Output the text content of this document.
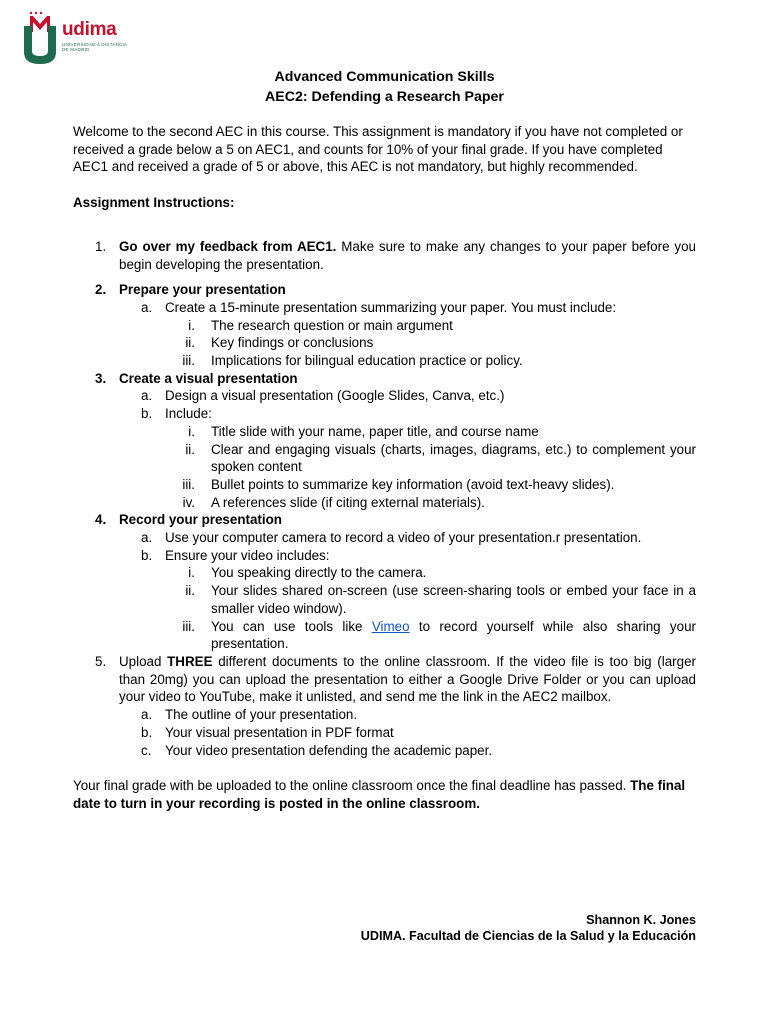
udima
UNIVERSIDAD A DISTANCIA
DE MADRID
Advanced Communication Skills
AEC2: Defending a Research Paper

Welcome to the second AEC in this course. This assignment is mandatory if you have not completed or received a grade below a 5 on AEC1, and counts for 10% of your final grade. If you have completed AEC1 and received a grade of 5 or above, this AEC is not mandatory, but highly recommended.

Assignment Instructions:

1. Go over my feedback from AEC1. Make sure to make any changes to your paper before you begin developing the presentation.
2. Prepare your presentation
a. Create a 15-minute presentation summarizing your paper. You must include:
i. The research question or main argument
ii. Key findings or conclusions
iii. Implications for bilingual education practice or policy.
3. Create a visual presentation
a. Design a visual presentation (Google Slides, Canva, etc.)
b. Include:
i. Title slide with your name, paper title, and course name
ii. Clear and engaging visuals (charts, images, diagrams, etc.) to complement your spoken content
iii. Bullet points to summarize key information (avoid text-heavy slides).
iv. A references slide (if citing external materials).
4. Record your presentation
a. Use your computer camera to record a video of your presentation.r presentation.
b. Ensure your video includes:
i. You speaking directly to the camera.
ii. Your slides shared on-screen (use screen-sharing tools or embed your face in a smaller video window).
iii. You can use tools like Vimeo to record yourself while also sharing your presentation.
5. Upload THREE different documents to the online classroom. If the video file is too big (larger than 20mg) you can upload the presentation to either a Google Drive Folder or you can upload your video to YouTube, make it unlisted, and send me the link in the AEC2 mailbox.
a. The outline of your presentation.
b. Your visual presentation in PDF format
c. Your video presentation defending the academic paper.

Your final grade with be uploaded to the online classroom once the final deadline has passed. The final date to turn in your recording is posted in the online classroom.

Shannon K. Jones
UDIMA. Facultad de Ciencias de la Salud y la Educación
